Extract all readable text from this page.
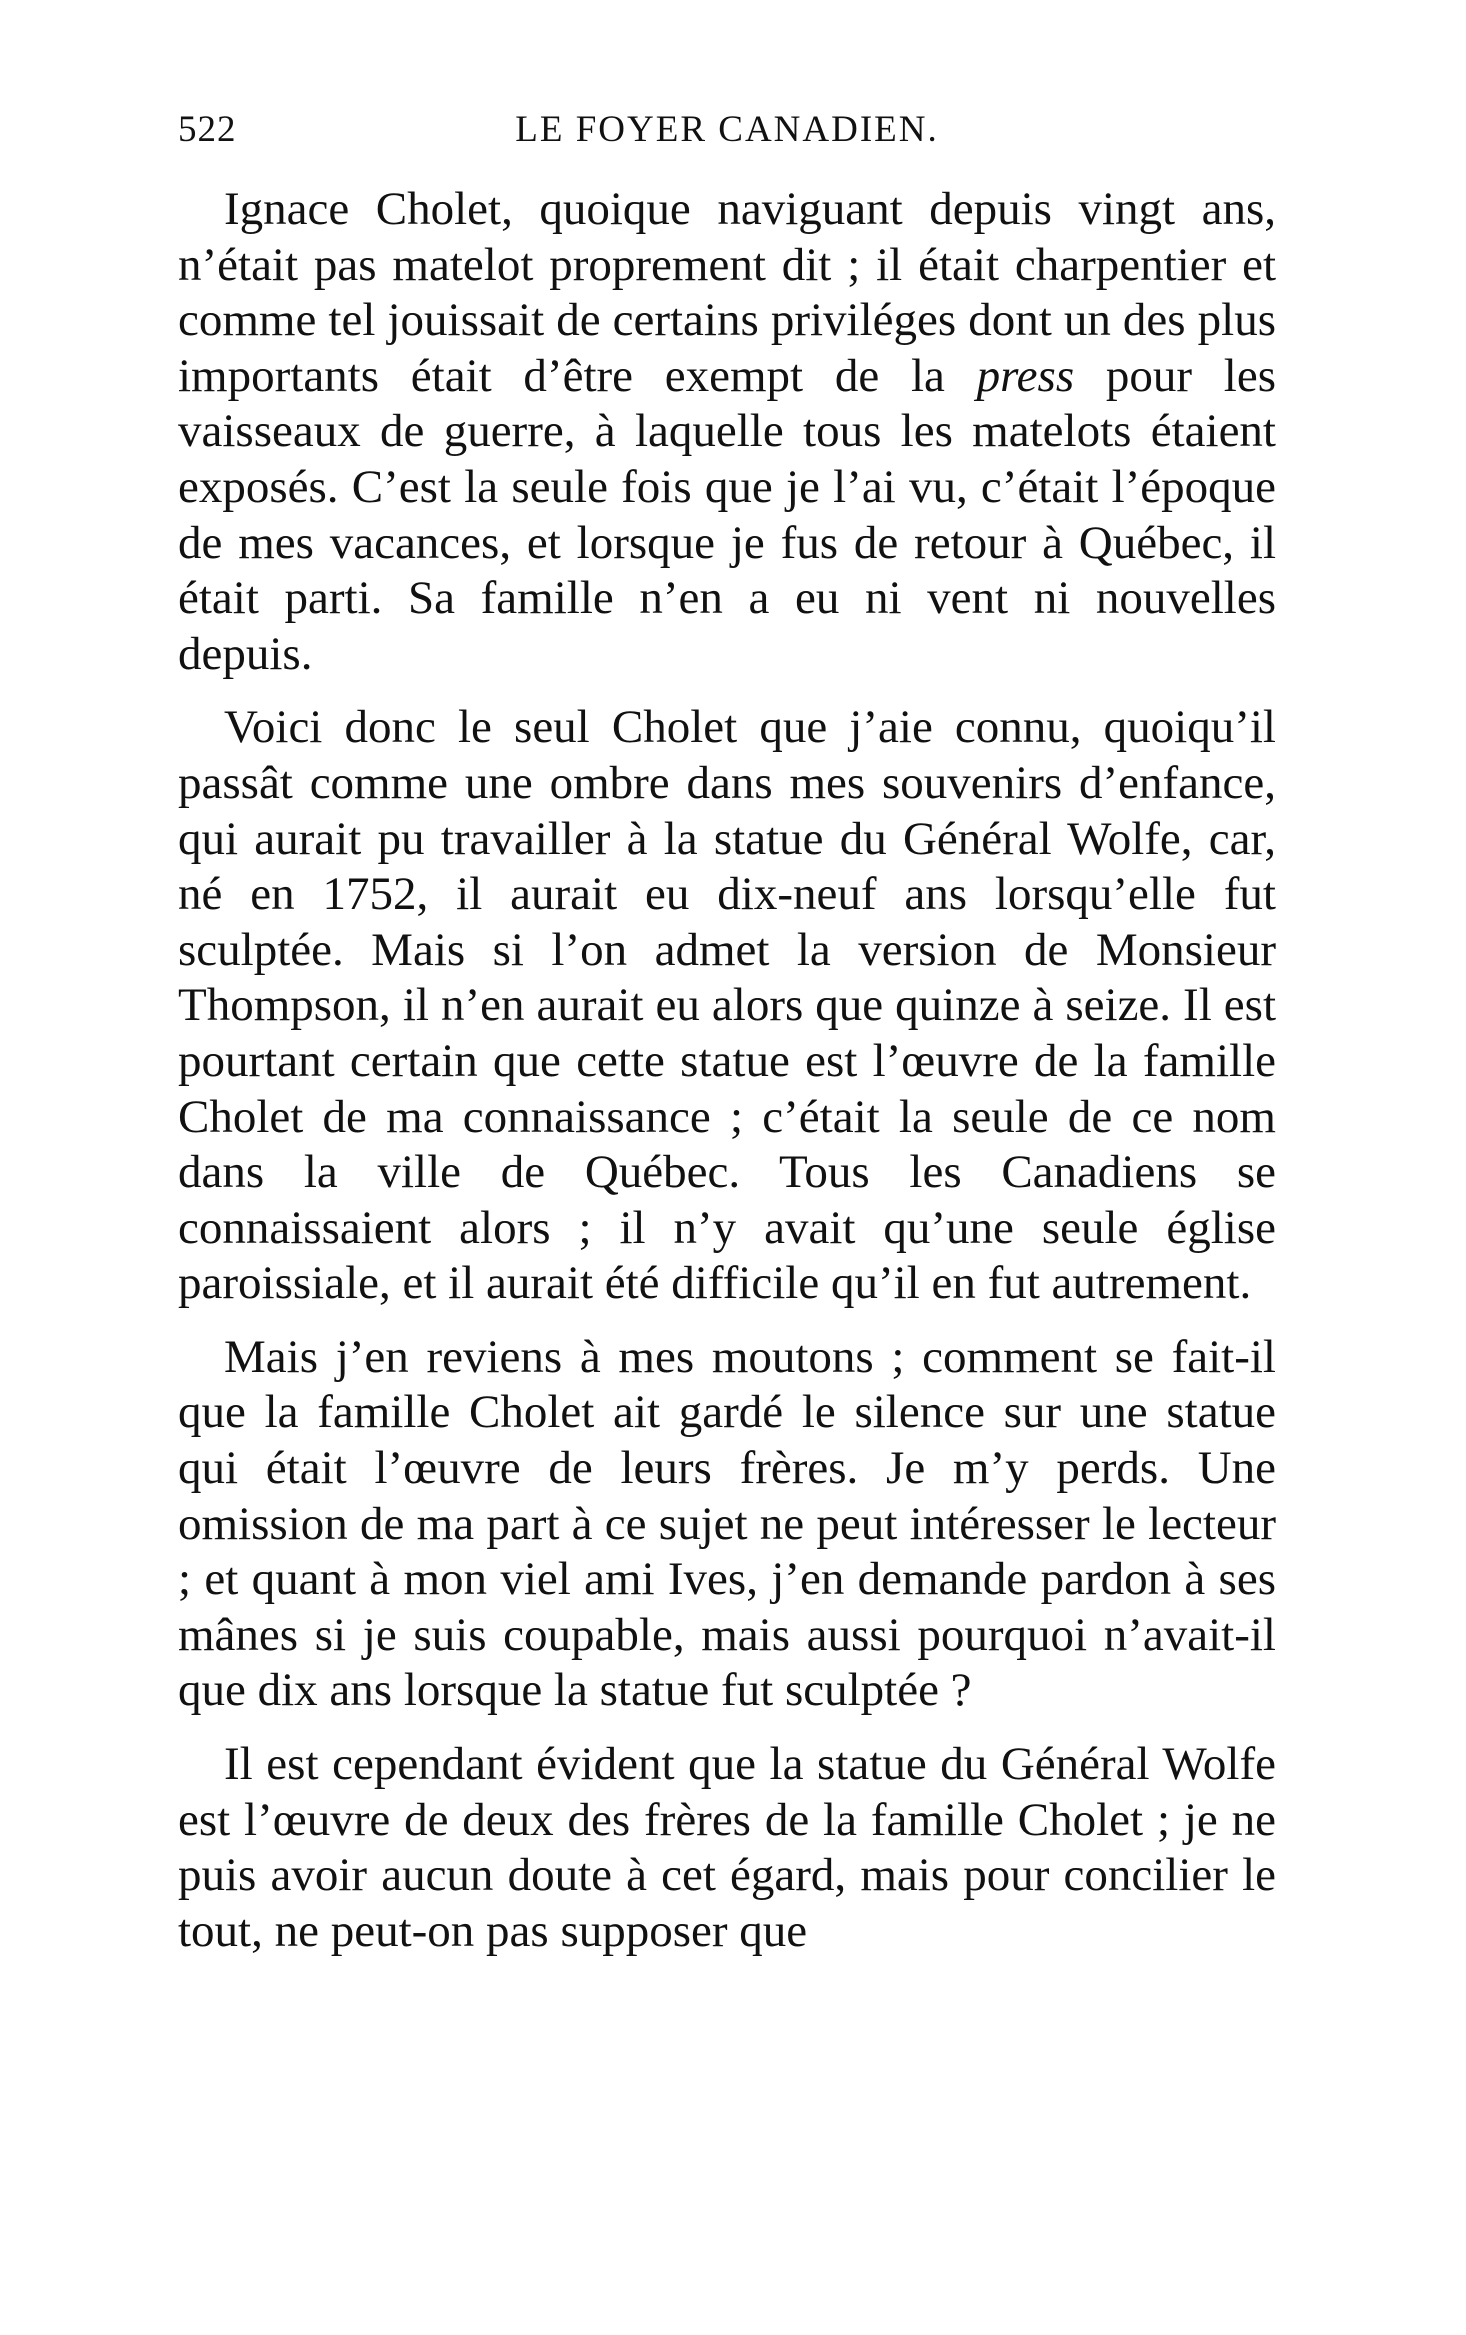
522	LE FOYER CANADIEN.

Ignace Cholet, quoique naviguant depuis vingt ans, n’était pas matelot proprement dit ; il était charpentier et comme tel jouissait de certains priviléges dont un des plus importants était d’être exempt de la press pour les vaisseaux de guerre, à laquelle tous les matelots étaient exposés. C’est la seule fois que je l’ai vu, c’était l’époque de mes vacances, et lorsque je fus de retour à Québec, il était parti. Sa famille n’en a eu ni vent ni nouvelles depuis.

Voici donc le seul Cholet que j’aie connu, quoiqu’il passât comme une ombre dans mes souvenirs d’enfance, qui aurait pu travailler à la statue du Général Wolfe, car, né en 1752, il aurait eu dix-neuf ans lorsqu’elle fut sculptée. Mais si l’on admet la version de Monsieur Thompson, il n’en aurait eu alors que quinze à seize. Il est pourtant certain que cette statue est l’œuvre de la famille Cholet de ma connaissance ; c’était la seule de ce nom dans la ville de Québec. Tous les Canadiens se connaissaient alors ; il n’y avait qu’une seule église paroissiale, et il aurait été difficile qu’il en fut autrement.

Mais j’en reviens à mes moutons ; comment se fait-il que la famille Cholet ait gardé le silence sur une statue qui était l’œuvre de leurs frères. Je m’y perds. Une omission de ma part à ce sujet ne peut intéresser le lecteur ; et quant à mon viel ami Ives, j’en demande pardon à ses mânes si je suis coupable, mais aussi pourquoi n’avait-il que dix ans lorsque la statue fut sculptée ?

Il est cependant évident que la statue du Général Wolfe est l’œuvre de deux des frères de la famille Cholet ; je ne puis avoir aucun doute à cet égard, mais pour concilier le tout, ne peut-on pas supposer que
